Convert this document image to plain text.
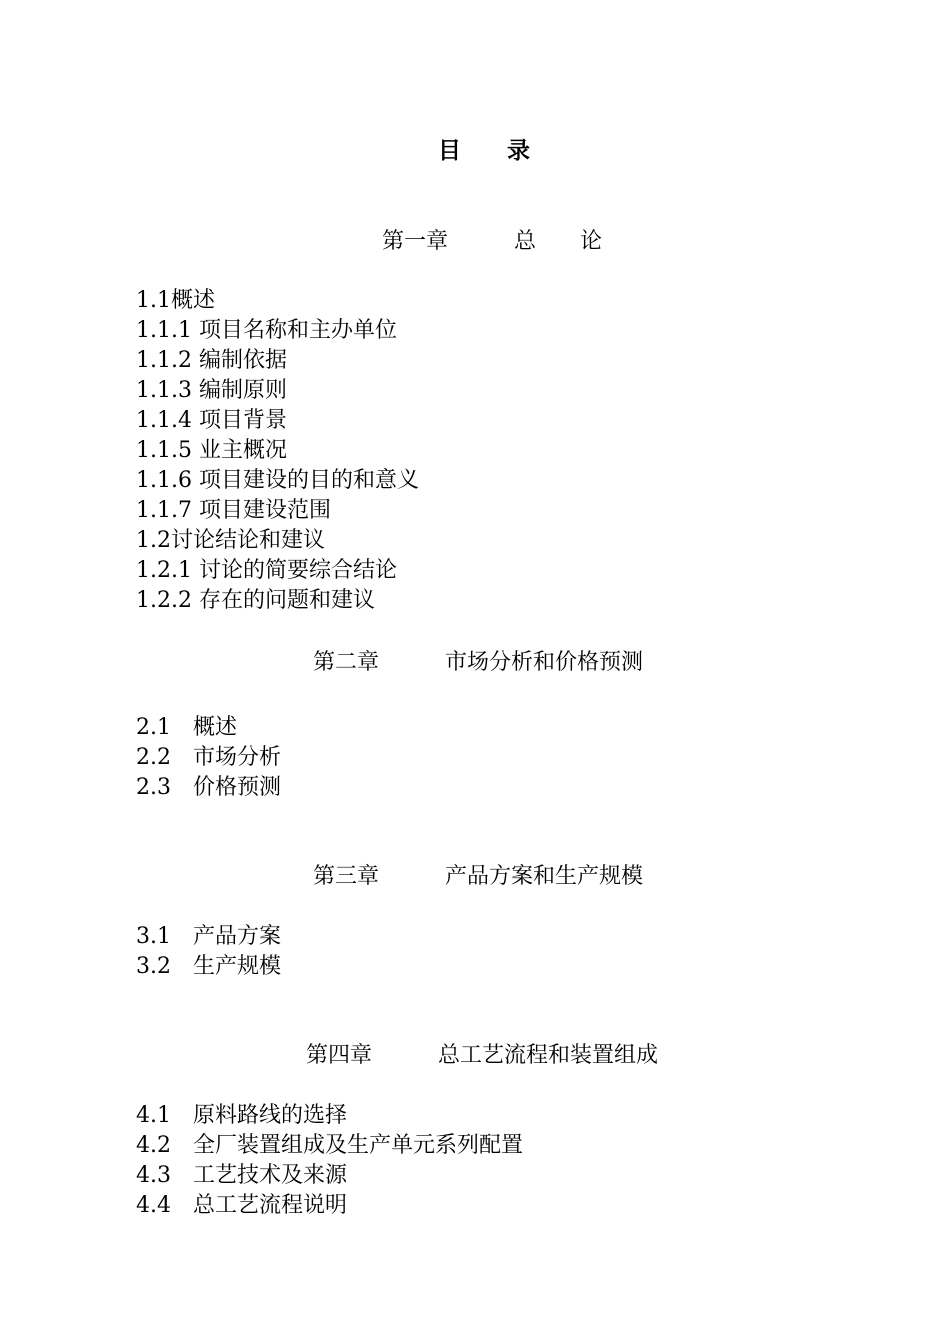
目　　录
第一章　　　总　　论
1.1概述
1.1.1 项目名称和主办单位
1.1.2 编制依据
1.1.3 编制原则
1.1.4 项目背景
1.1.5 业主概况
1.1.6 项目建设的目的和意义
1.1.7 项目建设范围
1.2讨论结论和建议
1.2.1 讨论的简要综合结论
1.2.2 存在的问题和建议
第二章　　　市场分析和价格预测
2.1　概述
2.2　市场分析
2.3　价格预测
第三章　　　产品方案和生产规模
3.1　产品方案
3.2　生产规模
第四章　　　总工艺流程和装置组成
4.1　原料路线的选择
4.2　全厂装置组成及生产单元系列配置
4.3　工艺技术及来源
4.4　总工艺流程说明
